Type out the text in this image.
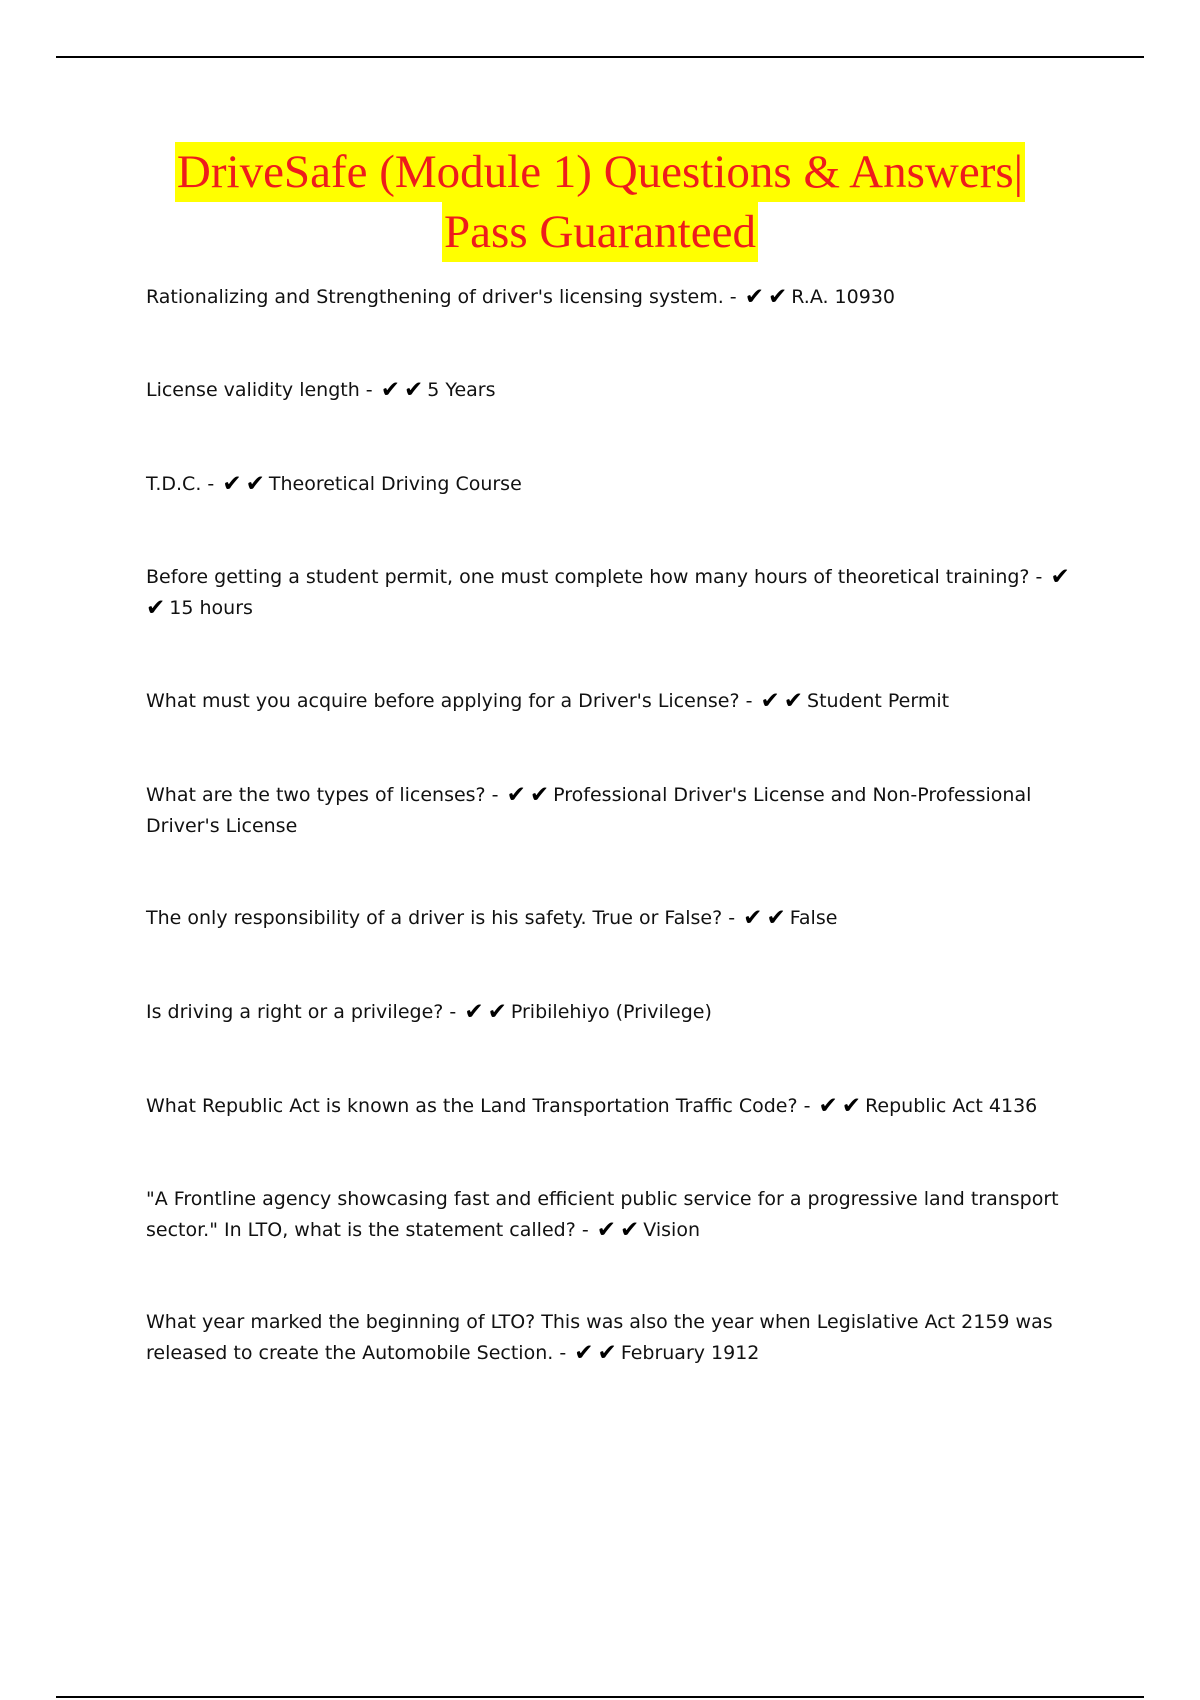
DriveSafe (Module 1) Questions & Answers|
Pass Guaranteed
Rationalizing and Strengthening of driver's licensing system. - ✔ ✔ R.A. 10930
License validity length - ✔ ✔ 5 Years
T.D.C. - ✔ ✔ Theoretical Driving Course
Before getting a student permit, one must complete how many hours of theoretical training? - ✔✔ 15 hours
What must you acquire before applying for a Driver's License? - ✔ ✔ Student Permit
What are the two types of licenses? - ✔ ✔ Professional Driver's License and Non-Professional Driver's License
The only responsibility of a driver is his safety. True or False? - ✔ ✔ False
Is driving a right or a privilege? - ✔ ✔ Pribilehiyo (Privilege)
What Republic Act is known as the Land Transportation Traffic Code? - ✔ ✔ Republic Act 4136
"A Frontline agency showcasing fast and efficient public service for a progressive land transport sector." In LTO, what is the statement called? - ✔ ✔ Vision
What year marked the beginning of LTO? This was also the year when Legislative Act 2159 was released to create the Automobile Section. - ✔ ✔ February 1912
